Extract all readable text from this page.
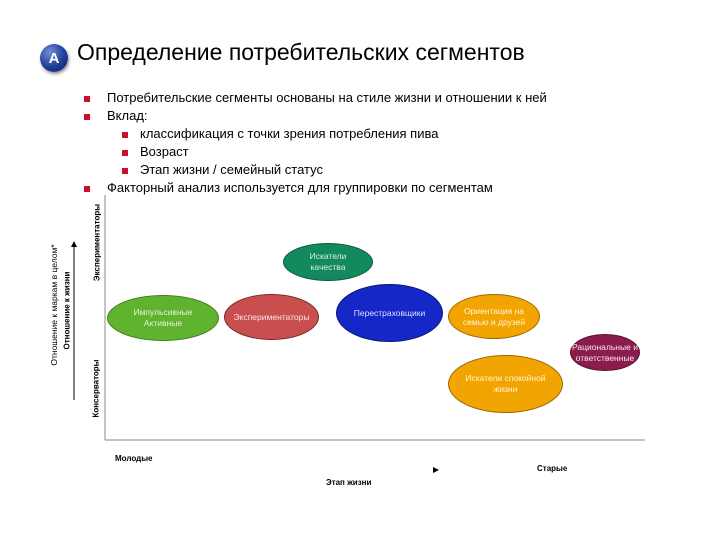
A Определение потребительских сегментов
Потребительские сегменты основаны на стиле жизни и отношении к ней
Вклад:
классификация с точки зрения потребления пива
Возраст
Этап жизни / семейный статус
Факторный анализ используется для группировки по сегментам
Отношение к маркам в целом* Отношение к жизни
Экспериментаторы
Консерваторы
Молодые
Старые
Этап жизни
Искатели
качества
Импульсивные
Активные
Экспериментаторы	Перестраховщики	Ориентация на
семью и друзей
Рациональные и
ответственные
Искатели спокойной
жизни
